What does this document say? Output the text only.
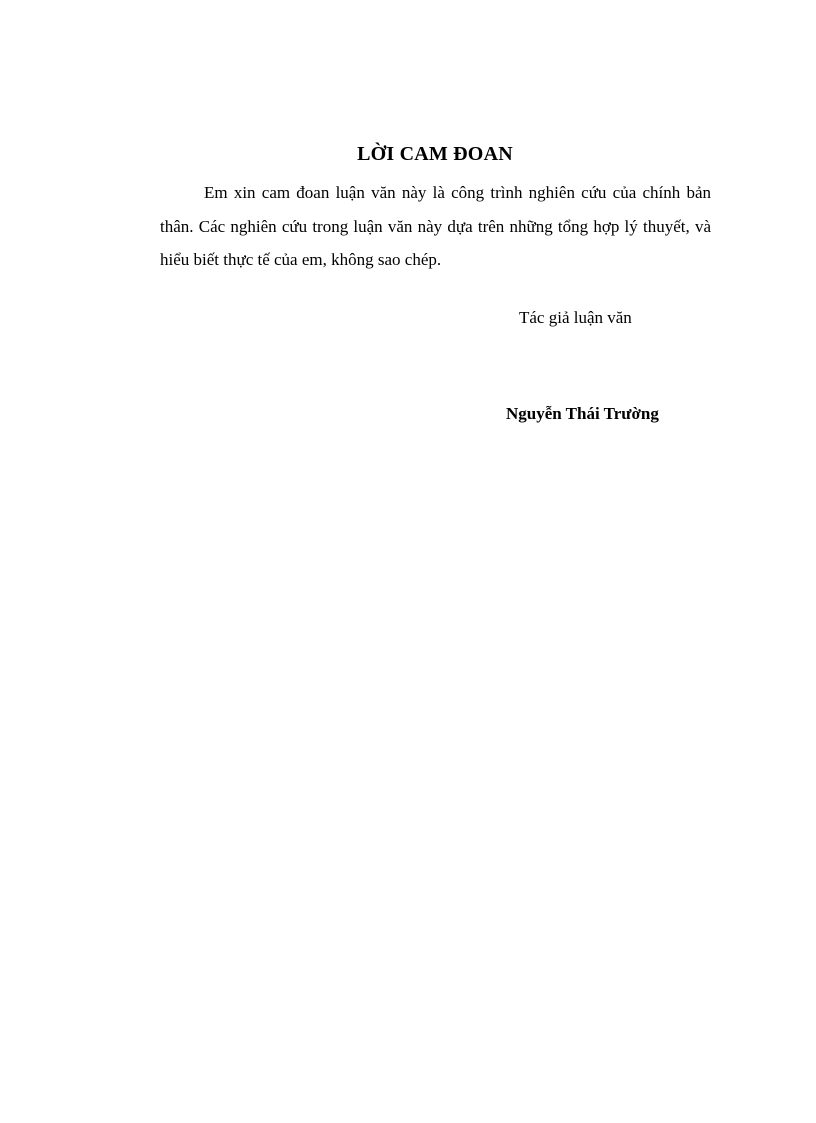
LỜI CAM ĐOAN

Em xin cam đoan luận văn này là công trình nghiên cứu của chính bản thân. Các nghiên cứu trong luận văn này dựa trên những tổng hợp lý thuyết, và hiểu biết thực tế của em, không sao chép.

Tác giả luận văn
Nguyễn Thái Trường
